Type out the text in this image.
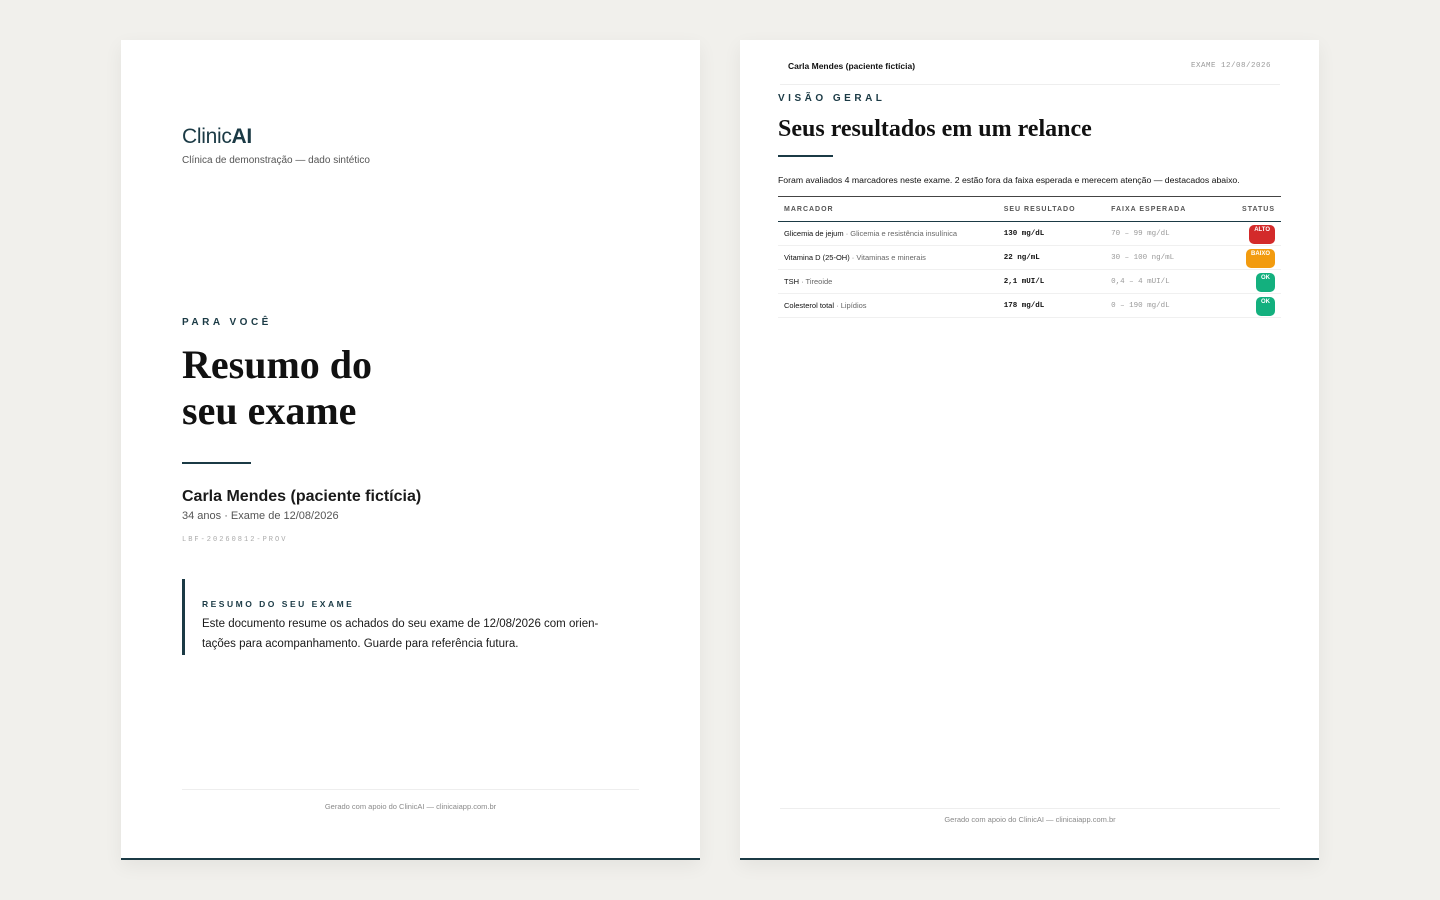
ClinicAI
Clínica de demonstração — dado sintético
PARA VOCÊ
Resumo do
seu exame
Carla Mendes (paciente fictícia)
34 anos · Exame de 12/08/2026
LBF-20260812-PROV
RESUMO DO SEU EXAME

Este documento resume os achados do seu exame de 12/08/2026 com orien-tações para acompanhamento. Guarde para referência futura.

Gerado com apoio do ClinicAI — clinicaiapp.com.br
Carla Mendes (paciente fictícia)	EXAME 12/08/2026
VISÃO GERAL
Seus resultados em um relance

Foram avaliados 4 marcadores neste exame. 2 estão fora da faixa esperada e merecem atenção — destacados abaixo.

MARCADOR	SEU RESULTADO	FAIXA ESPERADA	STATUS
Glicemia de jejum · Glicemia e resistência insulínica	130 mg/dL	70 – 99 mg/dL	ALTO
Vitamina D (25-OH) · Vitaminas e minerais	22 ng/mL	30 – 100 ng/mL	BAIXO
TSH · Tireoide	2,1 mUI/L	0,4 – 4 mUI/L	OK
Colesterol total · Lipídios	178 mg/dL	0 – 190 mg/dL	OK
Gerado com apoio do ClinicAI — clinicaiapp.com.br
